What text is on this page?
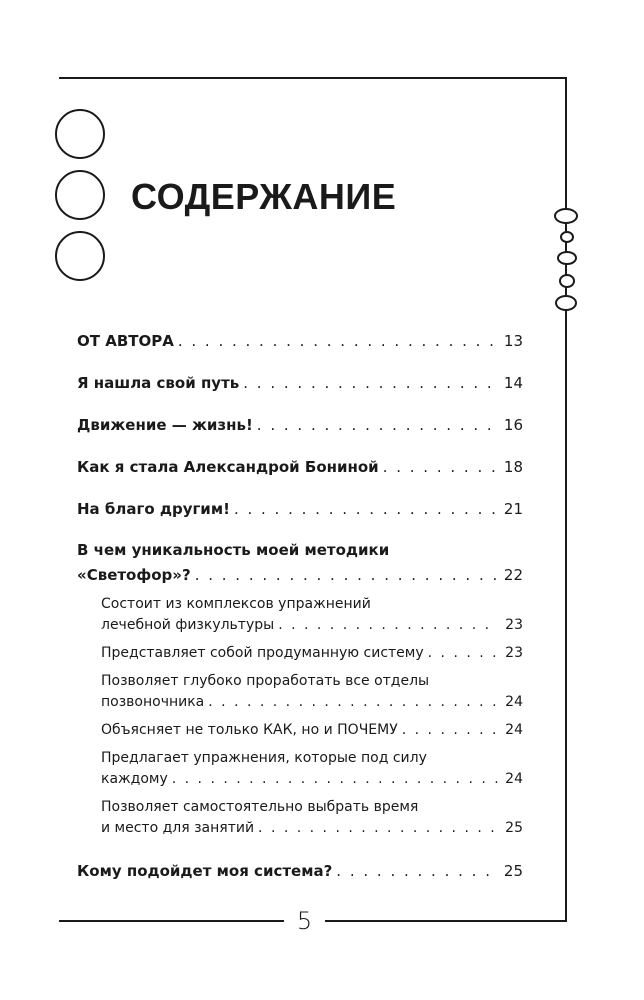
5
СОДЕРЖАНИЕ
ОТ АВТОРА . . .	13
Я нашла свой путь . . .	14
Движение — жизнь! . . .	16
Как я стала Александрой Бониной . . .	18
На благо другим! . . .	21
В чем уникальность моей методики
«Светофор»? . . .	22
Состоит из комплексов упражнений
лечебной физкультуры . . .	23
Представляет собой продуманную систему . . .	23
Позволяет глубоко проработать все отделы
позвоночника . . .	24
Объясняет не только КАК, но и ПОЧЕМУ . . .	24
Предлагает упражнения, которые под силу
каждому . . .	24
Позволяет самостоятельно выбрать время
и место для занятий . . .	25
Кому подойдет моя система? . . .	25
